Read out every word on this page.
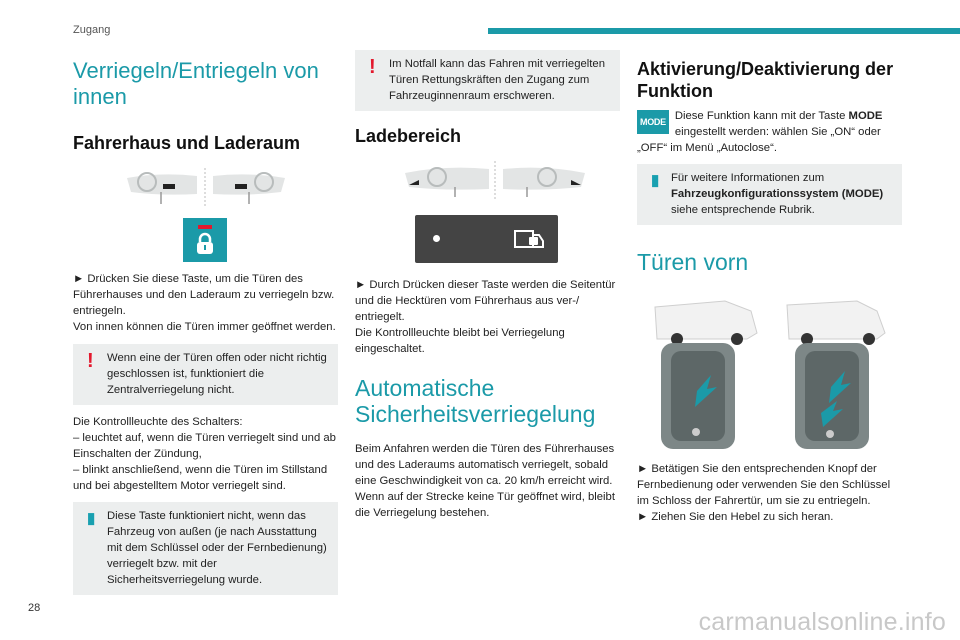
Zugang
Verriegeln/Entriegeln von innen
Fahrerhaus und Laderaum

► Drücken Sie diese Taste, um die Türen des Führerhauses und den Laderaum zu verriegeln bzw. entriegeln.

Von innen können die Türen immer geöffnet werden.

!	Wenn eine der Türen offen oder nicht richtig geschlossen ist, funktioniert die Zentralverriegelung nicht.

Die Kontrollleuchte des Schalters:

– leuchtet auf, wenn die Türen verriegelt sind und ab Einschalten der Zündung,

– blinkt anschließend, wenn die Türen im Stillstand und bei abgestelltem Motor verriegelt sind.

▮	Diese Taste funktioniert nicht, wenn das Fahrzeug von außen (je nach Ausstattung mit dem Schlüssel oder der Fernbedienung) verriegelt bzw. mit der Sicherheitsverriegelung wurde.

!	Im Notfall kann das Fahren mit verriegelten Türen Rettungskräften den Zugang zum Fahrzeuginnenraum erschweren.

Ladebereich

► Durch Drücken dieser Taste werden die Seitentür und die Hecktüren vom Führerhaus aus ver-/ entriegelt.

Die Kontrollleuchte bleibt bei Verriegelung eingeschaltet.

Automatische Sicherheitsverriegelung

Beim Anfahren werden die Türen des Führerhauses und des Laderaums automatisch verriegelt, sobald eine Geschwindigkeit von ca. 20 km/h erreicht wird. Wenn auf der Strecke keine Tür geöffnet wird, bleibt die Verriegelung bestehen.

Aktivierung/Deaktivierung der Funktion
MODE Diese Funktion kann mit der Taste MODE eingestellt werden: wählen Sie „ON“ oder „OFF“ im Menü „Autoclose“.

▮	Für weitere Informationen zum Fahrzeugkonfigurationssystem (MODE) siehe entsprechende Rubrik.

Türen vorn

► Betätigen Sie den entsprechenden Knopf der Fernbedienung oder verwenden Sie den Schlüssel im Schloss der Fahrertür, um sie zu entriegeln.

► Ziehen Sie den Hebel zu sich heran.

28	carmanualsonline.info
